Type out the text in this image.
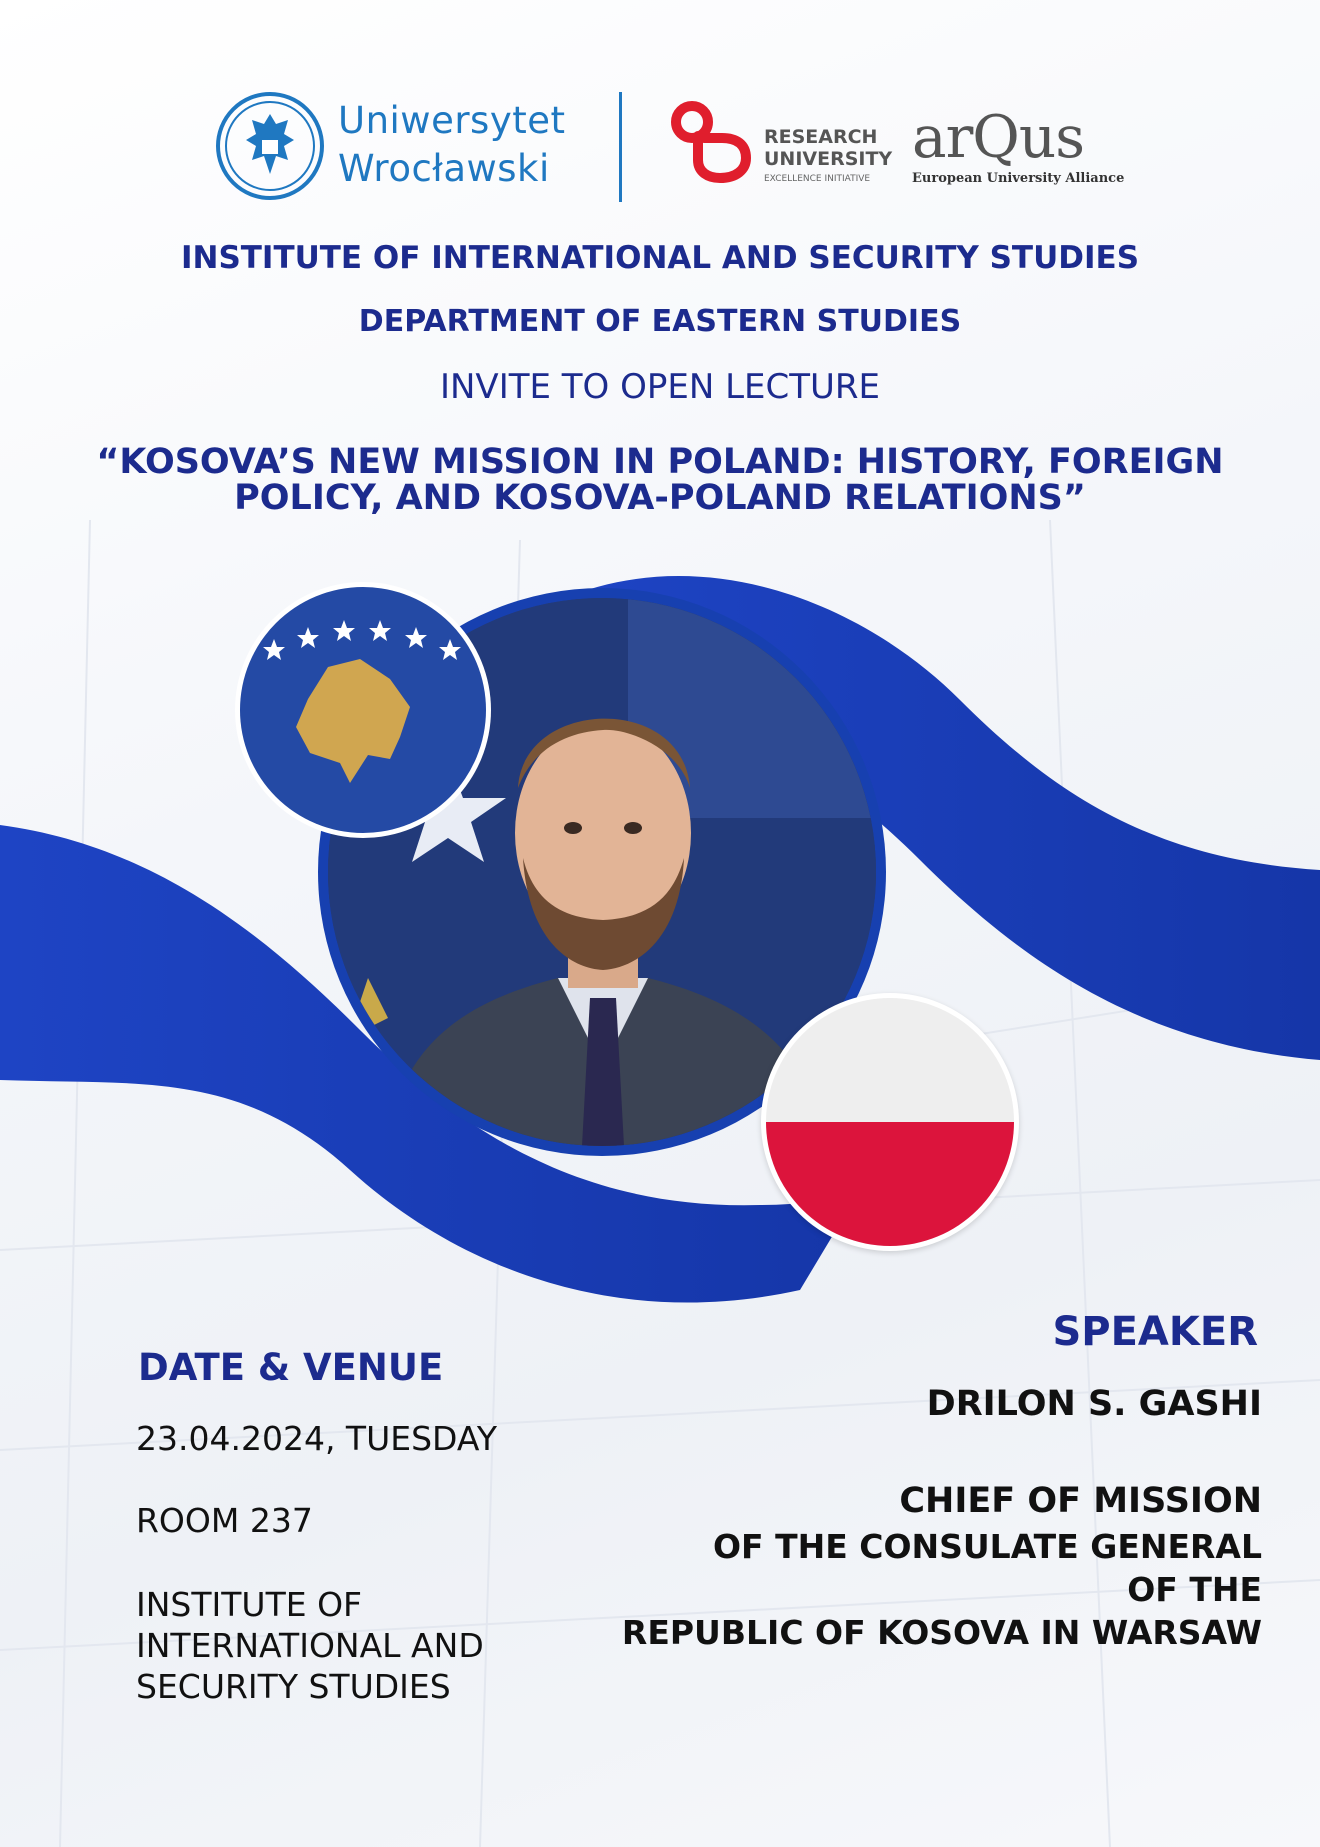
Uniwersytet
Wrocławski
RESEARCH
UNIVERSITY
EXCELLENCE INITIATIVE
arQus
European University Alliance
INSTITUTE OF INTERNATIONAL AND SECURITY STUDIES
DEPARTMENT OF EASTERN STUDIES
INVITE TO OPEN LECTURE
“KOSOVA’S NEW MISSION IN POLAND: HISTORY, FOREIGN
POLICY, AND KOSOVA-POLAND RELATIONS”
DATE & VENUE
23.04.2024, TUESDAY
ROOM 237
INSTITUTE OF
INTERNATIONAL AND
SECURITY STUDIES
SPEAKER
DRILON S. GASHI
CHIEF OF MISSION
OF THE CONSULATE GENERAL
OF THE
REPUBLIC OF KOSOVA IN WARSAW
